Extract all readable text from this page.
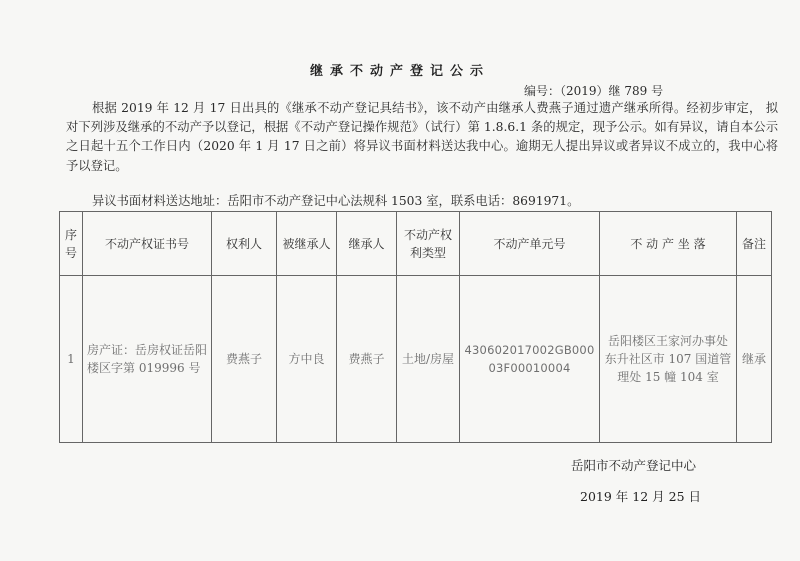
继承不动产登记公示
编号：（2019）继 789 号
根据 2019 年 12 月 17 日出具的《继承不动产登记具结书》，该不动产由继承人费燕子通过遗产继承所得。经初步审定， 拟对下列涉及继承的不动产予以登记，根据《不动产登记操作规范》（试行）第 1.8.6.1 条的规定，现予公示。如有异议，请自本公示之日起十五个工作日内（2020 年 1 月 17 日之前）将异议书面材料送达我中心。逾期无人提出异议或者异议不成立的，我中心将予以登记。
异议书面材料送达地址：岳阳市不动产登记中心法规科 1503 室，联系电话：8691971。
序号	不动产权证书号	权利人	被继承人	继承人	不动产权利类型	不动产单元号	不 动 产 坐 落	备注
1	房产证：岳房权证岳阳楼区字第 019996 号	费燕子	方中良	费燕子	土地/房屋	430602017002GB00003F00010004	岳阳楼区王家河办事处东升社区市 107 国道管理处 15 幢 104 室	继承
岳阳市不动产登记中心
2019 年 12 月 25 日
